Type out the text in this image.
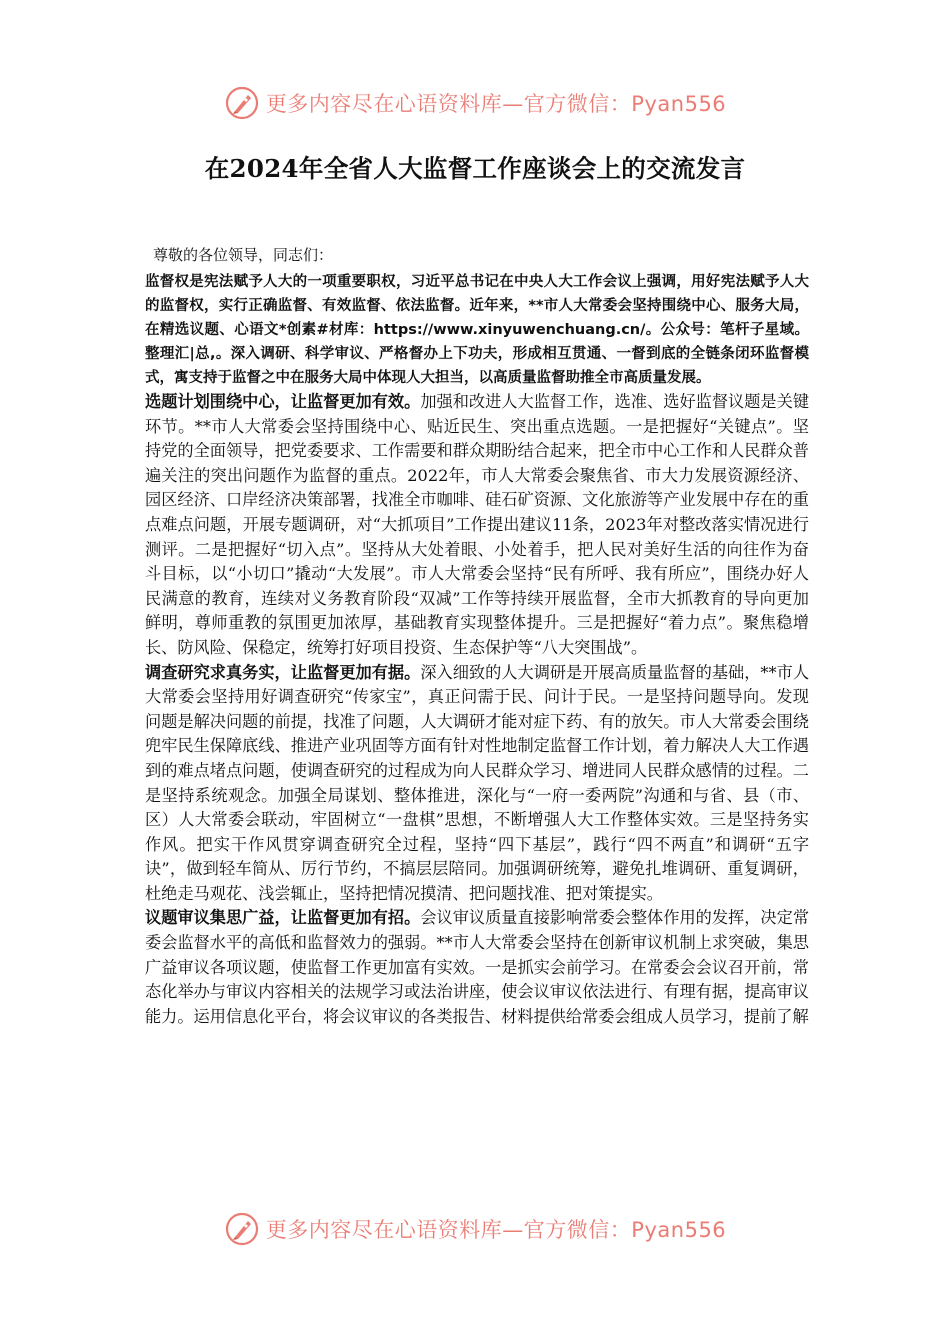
更多内容尽在心语资料库—官方微信：Pyan556
在2024年全省人大监督工作座谈会上的交流发言

尊敬的各位领导，同志们：

监督权是宪法赋予人大的一项重要职权，习近平总书记在中央人大工作会议上强调，用好宪法赋予人大的监督权，实行正确监督、有效监督、依法监督。近年来，**市人大常委会坚持围绕中心、服务大局，在精选议题、心语文*创素#材库：https://www.xinyuwenchuang.cn/。公众号：笔杆子星域。整理汇|总,。深入调研、科学审议、严格督办上下功夫，形成相互贯通、一督到底的全链条闭环监督模式，寓支持于监督之中在服务大局中体现人大担当，以高质量监督助推全市高质量发展。

选题计划围绕中心，让监督更加有效。加强和改进人大监督工作，选准、选好监督议题是关键环节。**市人大常委会坚持围绕中心、贴近民生、突出重点选题。一是把握好“关键点”。坚持党的全面领导，把党委要求、工作需要和群众期盼结合起来，把全市中心工作和人民群众普遍关注的突出问题作为监督的重点。2022年，市人大常委会聚焦省、市大力发展资源经济、园区经济、口岸经济决策部署，找准全市咖啡、硅石矿资源、文化旅游等产业发展中存在的重点难点问题，开展专题调研，对“大抓项目”工作提出建议11条，2023年对整改落实情况进行测评。二是把握好“切入点”。坚持从大处着眼、小处着手，把人民对美好生活的向往作为奋斗目标，以“小切口”撬动“大发展”。市人大常委会坚持“民有所呼、我有所应”，围绕办好人民满意的教育，连续对义务教育阶段“双减”工作等持续开展监督，全市大抓教育的导向更加鲜明，尊师重教的氛围更加浓厚，基础教育实现整体提升。三是把握好“着力点”。聚焦稳增长、防风险、保稳定，统筹打好项目投资、生态保护等“八大突围战”。

调查研究求真务实，让监督更加有据。深入细致的人大调研是开展高质量监督的基础，**市人大常委会坚持用好调查研究“传家宝”，真正问需于民、问计于民。一是坚持问题导向。发现问题是解决问题的前提，找准了问题，人大调研才能对症下药、有的放矢。市人大常委会围绕兜牢民生保障底线、推进产业巩固等方面有针对性地制定监督工作计划，着力解决人大工作遇到的难点堵点问题，使调查研究的过程成为向人民群众学习、增进同人民群众感情的过程。二是坚持系统观念。加强全局谋划、整体推进，深化与“一府一委两院”沟通和与省、县（市、区）人大常委会联动，牢固树立“一盘棋”思想，不断增强人大工作整体实效。三是坚持务实作风。把实干作风贯穿调查研究全过程，坚持“四下基层”，践行“四不两直”和调研“五字诀”，做到轻车简从、厉行节约，不搞层层陪同。加强调研统筹，避免扎堆调研、重复调研，杜绝走马观花、浅尝辄止，坚持把情况摸清、把问题找准、把对策提实。

议题审议集思广益，让监督更加有招。会议审议质量直接影响常委会整体作用的发挥，决定常委会监督水平的高低和监督效力的强弱。**市人大常委会坚持在创新审议机制上求突破，集思广益审议各项议题，使监督工作更加富有实效。一是抓实会前学习。在常委会会议召开前，常态化举办与审议内容相关的法规学习或法治讲座，使会议审议依法进行、有理有据，提高审议能力。运用信息化平台，将会议审议的各类报告、材料提供给常委会组成人员学习，提前了解

更多内容尽在心语资料库—官方微信：Pyan556
